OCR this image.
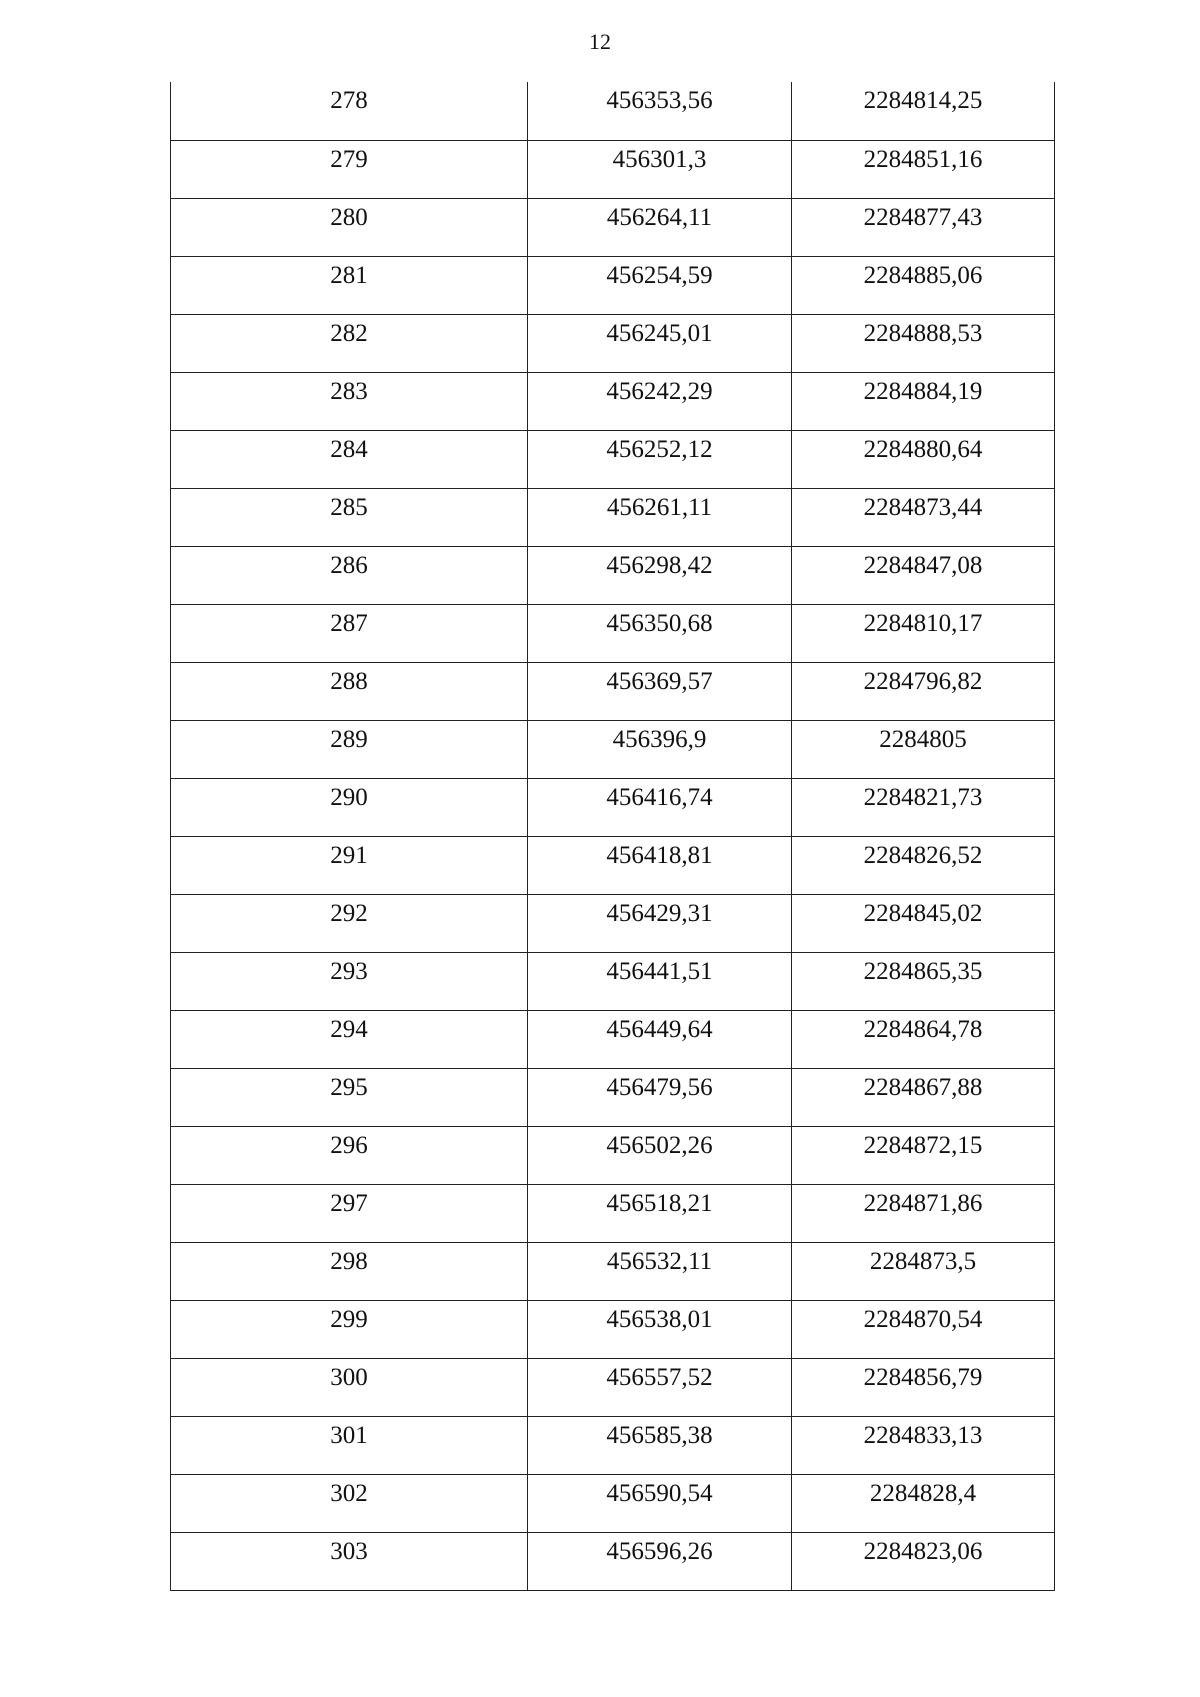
12
278	456353,56	2284814,25

279	456301,3	2284851,16

280	456264,11	2284877,43

281	456254,59	2284885,06

282	456245,01	2284888,53

283	456242,29	2284884,19

284	456252,12	2284880,64

285	456261,11	2284873,44

286	456298,42	2284847,08

287	456350,68	2284810,17

288	456369,57	2284796,82

289	456396,9	2284805

290	456416,74	2284821,73

291	456418,81	2284826,52

292	456429,31	2284845,02

293	456441,51	2284865,35

294	456449,64	2284864,78

295	456479,56	2284867,88

296	456502,26	2284872,15

297	456518,21	2284871,86

298	456532,11	2284873,5

299	456538,01	2284870,54

300	456557,52	2284856,79

301	456585,38	2284833,13

302	456590,54	2284828,4

303	456596,26	2284823,06
